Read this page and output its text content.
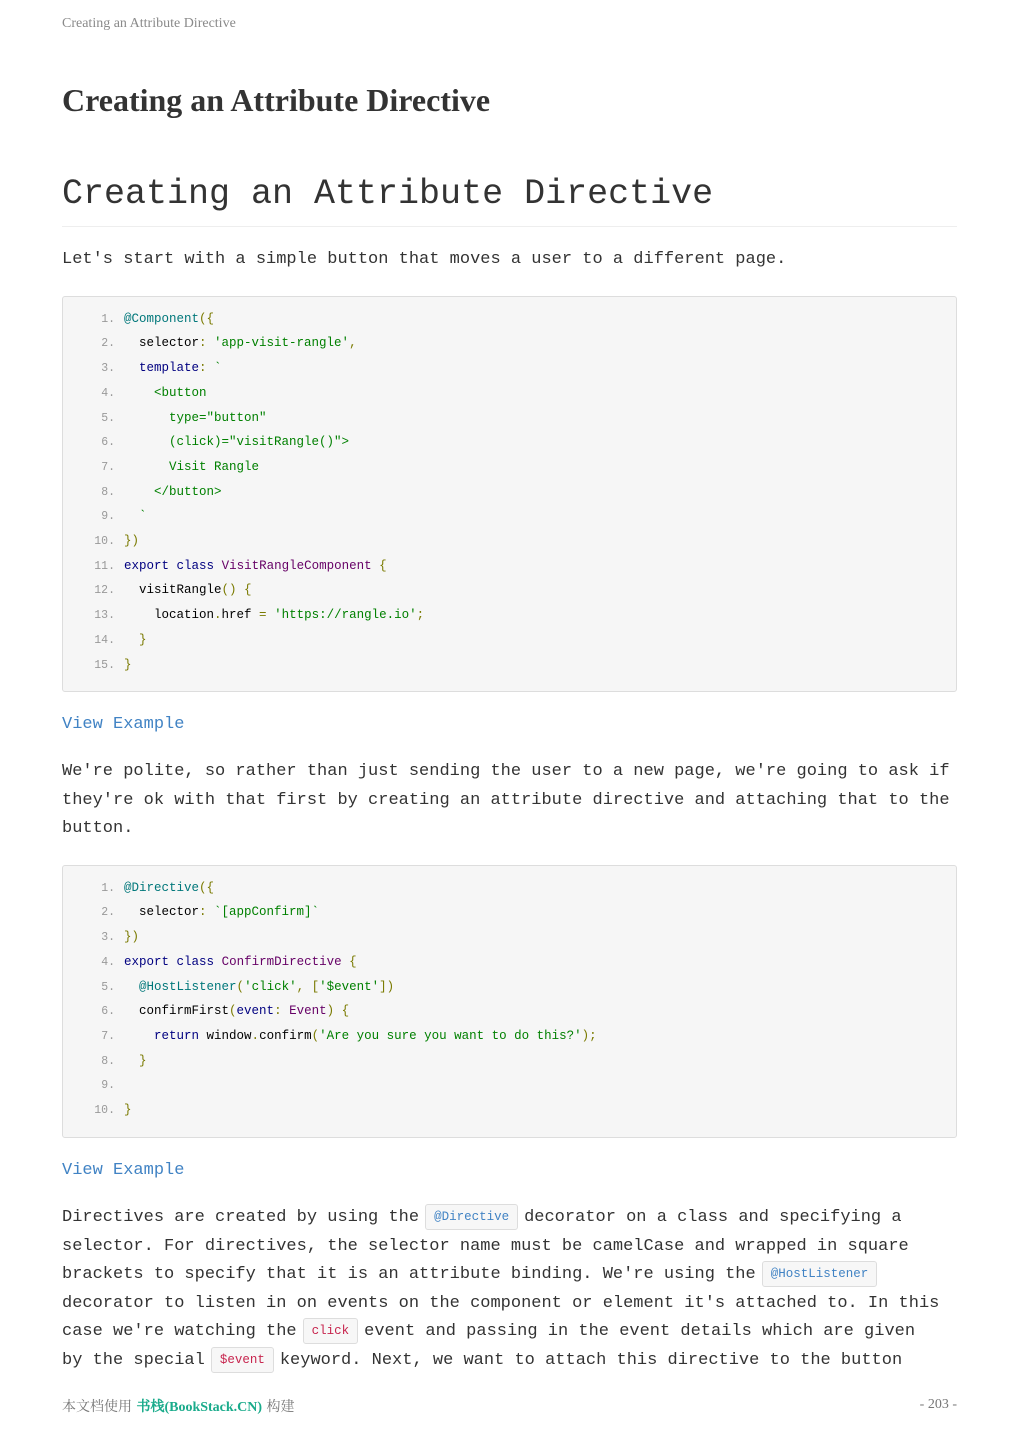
Creating an Attribute Directive
Creating an Attribute Directive
Creating an Attribute Directive

Let's start with a simple button that moves a user to a different page.

1. @Component({
2.  selector: 'app-visit-rangle',
3.  template: `
4.    <button
5.      type="button"
6.      (click)="visitRangle()">
7.      Visit Rangle
8.    </button>
9.  `
10. })
11. export class VisitRangleComponent {
12.  visitRangle() {
13.    location.href = 'https://rangle.io';
14.  }
15. }
View Example

We're polite, so rather than just sending the user to a new page, we're going to ask if they're ok with that first by creating an attribute directive and attaching that to the button.

1. @Directive({
2.  selector: `[appConfirm]`
3. })
4. export class ConfirmDirective {
5. @HostListener('click', ['$event'])
6.  confirmFirst(event: Event) {
7.	return window.confirm('Are you sure you want to do this?');
8.  }
9.
10. }
View Example
Directives are created by using the @Directive decorator on a class and specifying a
selector. For directives, the selector name must be camelCase and wrapped in square
brackets to specify that it is an attribute binding. We're using the @HostListener
decorator to listen in on events on the component or element it's attached to. In this
case we're watching the click event and passing in the event details which are given
by the special $event keyword. Next, we want to attach this directive to the button
本文档使用 书栈(BookStack.CN) 构建	- 203 -
